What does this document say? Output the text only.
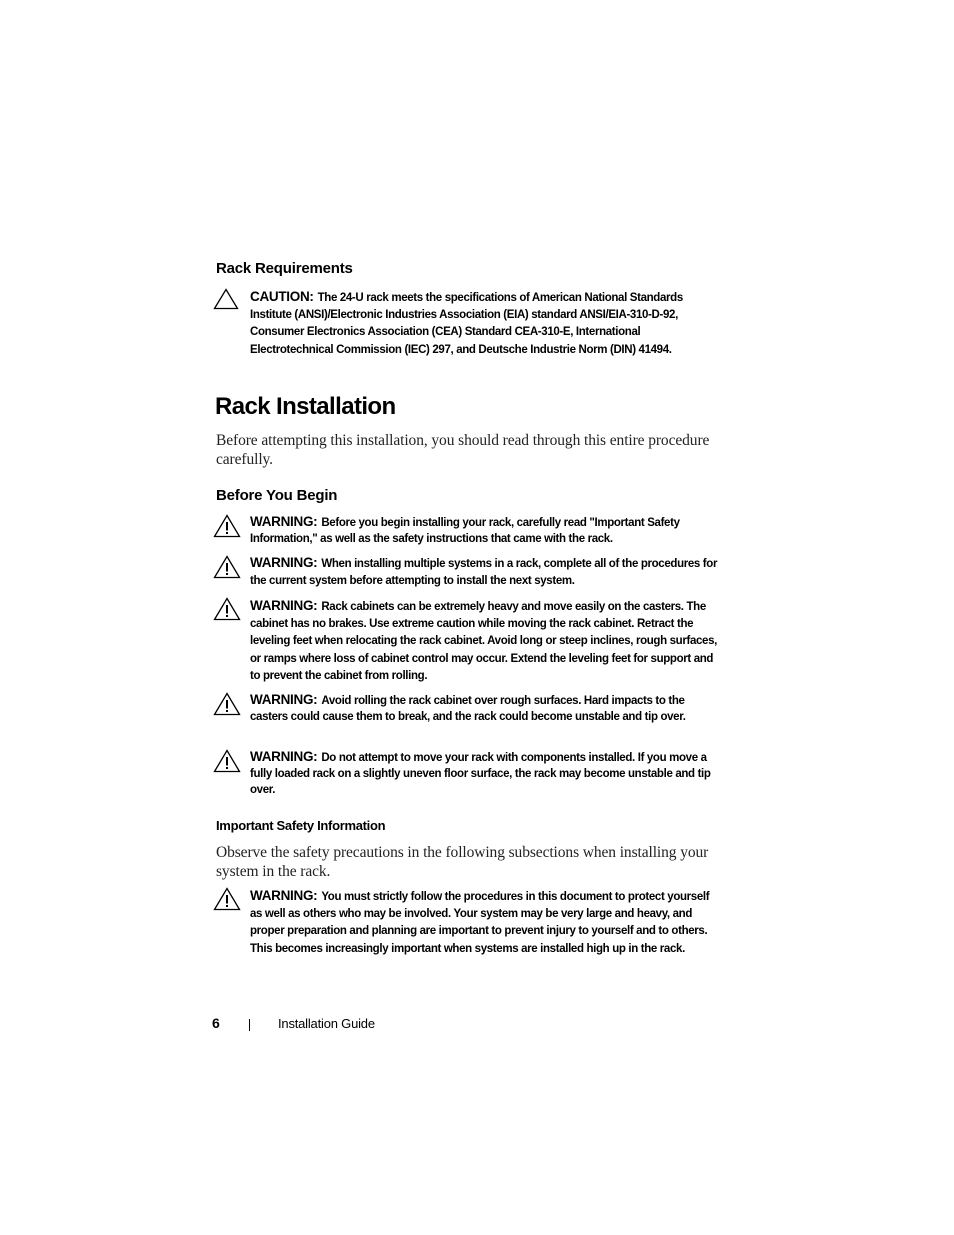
Rack Requirements
CAUTION: The 24-U rack meets the specifications of American National Standards Institute (ANSI)/Electronic Industries Association (EIA) standard ANSI/EIA-310-D-92, Consumer Electronics Association (CEA) Standard CEA-310-E, International Electrotechnical Commission (IEC) 297, and Deutsche Industrie Norm (DIN) 41494.
Rack Installation
Before attempting this installation, you should read through this entire procedure carefully.
Before You Begin
WARNING: Before you begin installing your rack, carefully read "Important Safety Information," as well as the safety instructions that came with the rack.
WARNING: When installing multiple systems in a rack, complete all of the procedures for the current system before attempting to install the next system.
WARNING: Rack cabinets can be extremely heavy and move easily on the casters. The cabinet has no brakes. Use extreme caution while moving the rack cabinet. Retract the leveling feet when relocating the rack cabinet. Avoid long or steep inclines, rough surfaces, or ramps where loss of cabinet control may occur. Extend the leveling feet for support and to prevent the cabinet from rolling.
WARNING: Avoid rolling the rack cabinet over rough surfaces. Hard impacts to the casters could cause them to break, and the rack could become unstable and tip over.
WARNING: Do not attempt to move your rack with components installed. If you move a fully loaded rack on a slightly uneven floor surface, the rack may become unstable and tip over.
Important Safety Information
Observe the safety precautions in the following subsections when installing your system in the rack.
WARNING: You must strictly follow the procedures in this document to protect yourself as well as others who may be involved. Your system may be very large and heavy, and proper preparation and planning are important to prevent injury to yourself and to others. This becomes increasingly important when systems are installed high up in the rack.
6	Installation Guide
